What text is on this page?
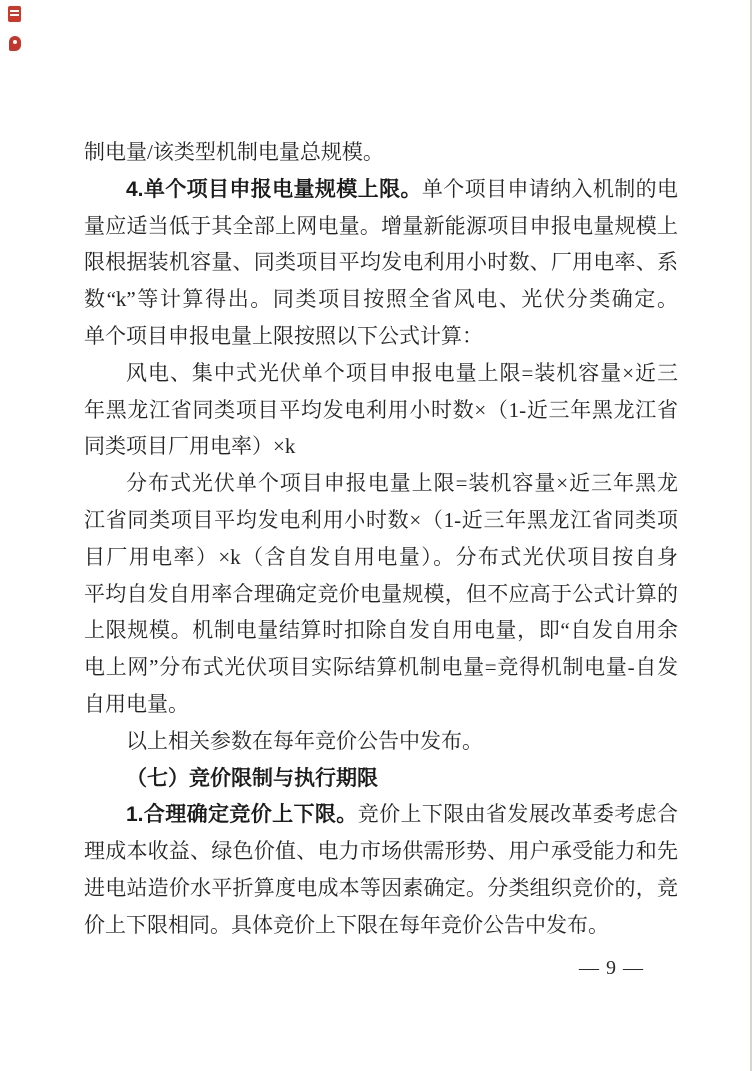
制电量/该类型机制电量总规模。
4.单个项目申报电量规模上限。单个项目申请纳入机制的电
量应适当低于其全部上网电量。增量新能源项目申报电量规模上
限根据装机容量、同类项目平均发电利用小时数、厂用电率、系
数“k”等计算得出。同类项目按照全省风电、光伏分类确定。
单个项目申报电量上限按照以下公式计算：
风电、集中式光伏单个项目申报电量上限=装机容量×近三
年黑龙江省同类项目平均发电利用小时数×（1-近三年黑龙江省
同类项目厂用电率）×k
分布式光伏单个项目申报电量上限=装机容量×近三年黑龙
江省同类项目平均发电利用小时数×（1-近三年黑龙江省同类项
目厂用电率）×k（含自发自用电量）。分布式光伏项目按自身
平均自发自用率合理确定竞价电量规模，但不应高于公式计算的
上限规模。机制电量结算时扣除自发自用电量，即“自发自用余
电上网”分布式光伏项目实际结算机制电量=竞得机制电量-自发
自用电量。
以上相关参数在每年竞价公告中发布。
（七）竞价限制与执行期限
1.合理确定竞价上下限。竞价上下限由省发展改革委考虑合
理成本收益、绿色价值、电力市场供需形势、用户承受能力和先
进电站造价水平折算度电成本等因素确定。分类组织竞价的，竞
价上下限相同。具体竞价上下限在每年竞价公告中发布。
— 9 —
